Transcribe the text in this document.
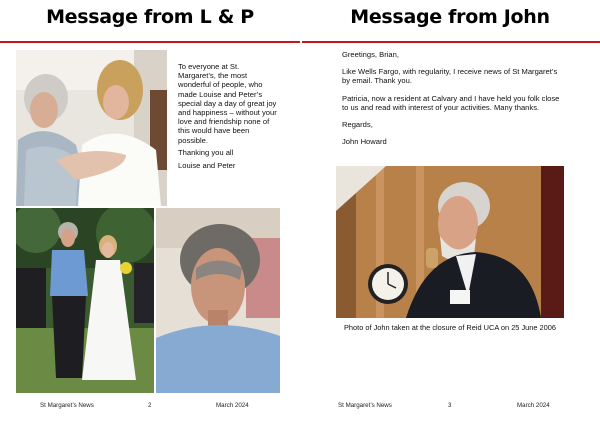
Message from L & P

To everyone at St. Margaret’s, the most wonderful of people, who made Louise and Peter’s special day a day of great joy and happiness – without your love and friendship none of this would have been possible.

Thanking you all

Louise and Peter

St Margaret’s News	2	March 2024
Message from John

Greetings, Brian,

Like Wells Fargo, with regularity, I receive news of St Margaret’s by email. Thank you.

Patricia, now a resident at Calvary and I have held you folk close to us and read with interest of your activities. Many thanks.

Regards,

John Howard

Photo of John taken at the closure of Reid UCA on 25 June 2006
St Margaret’s News	3	March 2024
